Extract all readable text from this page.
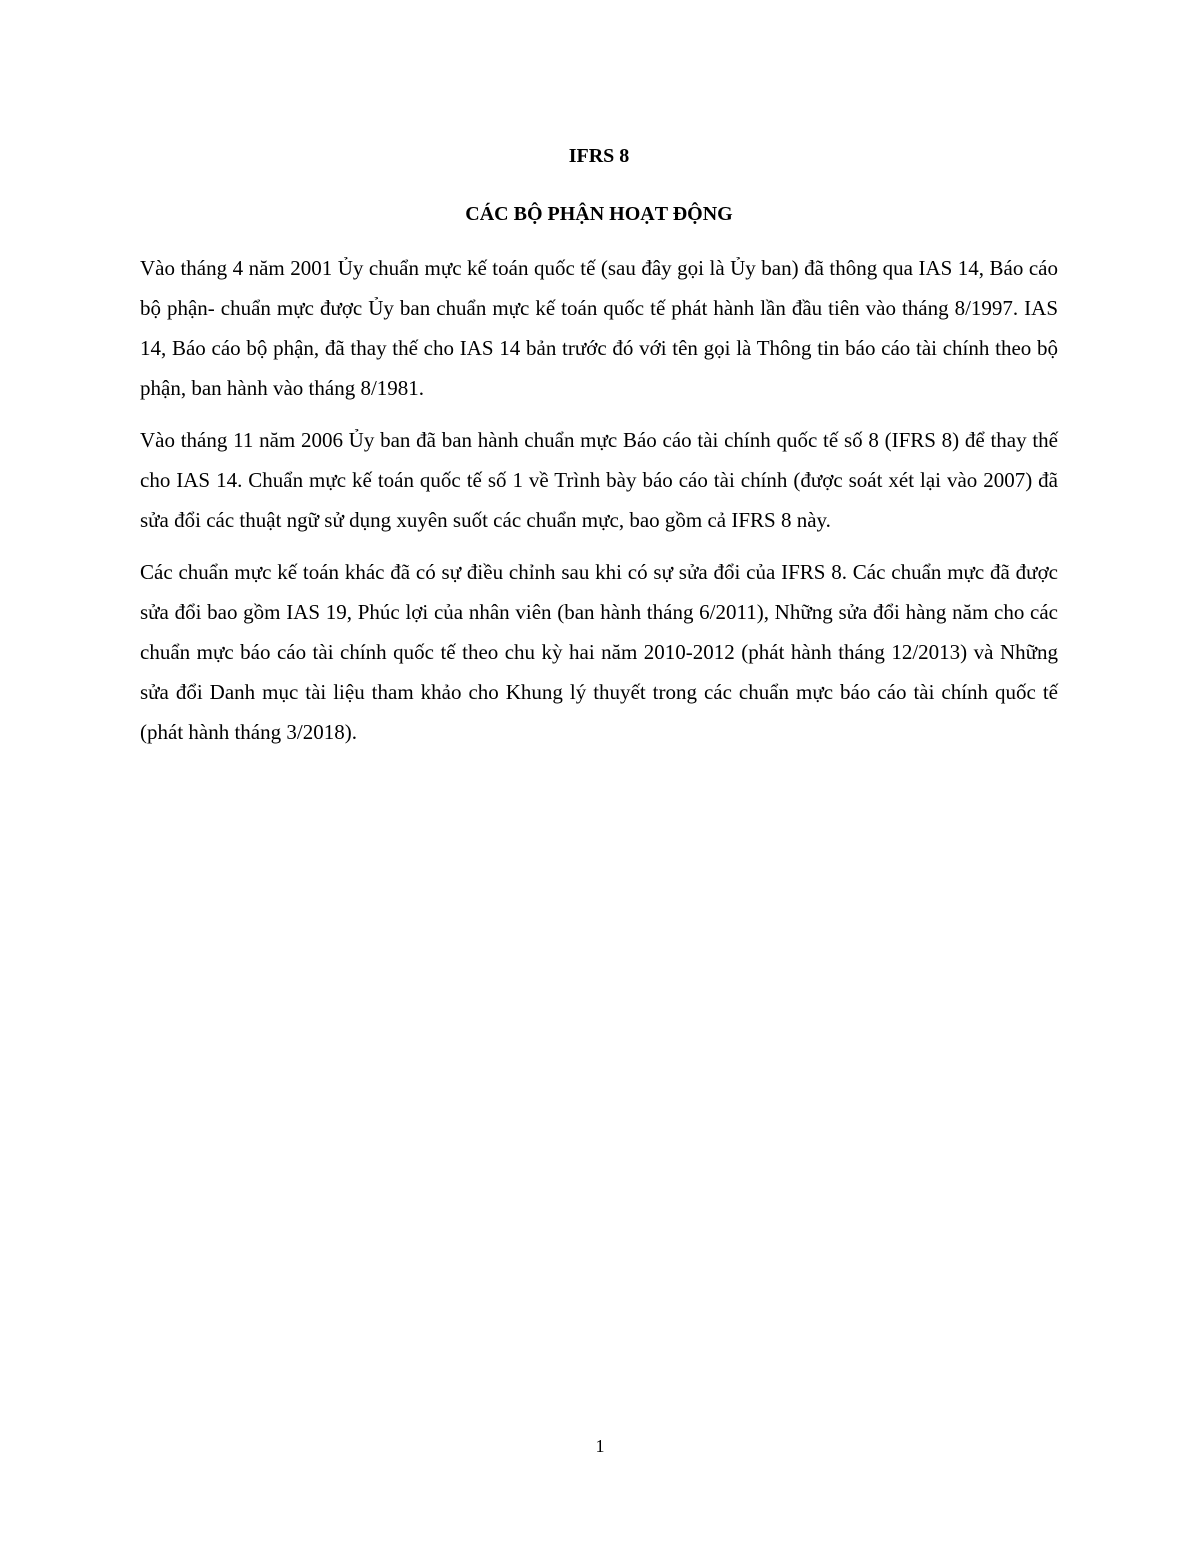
IFRS 8
CÁC BỘ PHẬN HOẠT ĐỘNG

Vào tháng 4 năm 2001 Ủy chuẩn mực kế toán quốc tế (sau đây gọi là Ủy ban) đã thông qua IAS 14, Báo cáo bộ phận- chuẩn mực được Ủy ban chuẩn mực kế toán quốc tế phát hành lần đầu tiên vào tháng 8/1997. IAS 14, Báo cáo bộ phận, đã thay thế cho IAS 14 bản trước đó với tên gọi là Thông tin báo cáo tài chính theo bộ phận, ban hành vào tháng 8/1981.

Vào tháng 11 năm 2006 Ủy ban đã ban hành chuẩn mực Báo cáo tài chính quốc tế số 8 (IFRS 8) để thay thế cho IAS 14. Chuẩn mực kế toán quốc tế số 1 về Trình bày báo cáo tài chính (được soát xét lại vào 2007) đã sửa đổi các thuật ngữ sử dụng xuyên suốt các chuẩn mực, bao gồm cả IFRS 8 này.

Các chuẩn mực kế toán khác đã có sự điều chỉnh sau khi có sự sửa đổi của IFRS 8. Các chuẩn mực đã được sửa đổi bao gồm IAS 19, Phúc lợi của nhân viên (ban hành tháng 6/2011), Những sửa đổi hàng năm cho các chuẩn mực báo cáo tài chính quốc tế theo chu kỳ hai năm 2010-2012 (phát hành tháng 12/2013) và Những sửa đổi Danh mục tài liệu tham khảo cho Khung lý thuyết trong các chuẩn mực báo cáo tài chính quốc tế (phát hành tháng 3/2018).

1
